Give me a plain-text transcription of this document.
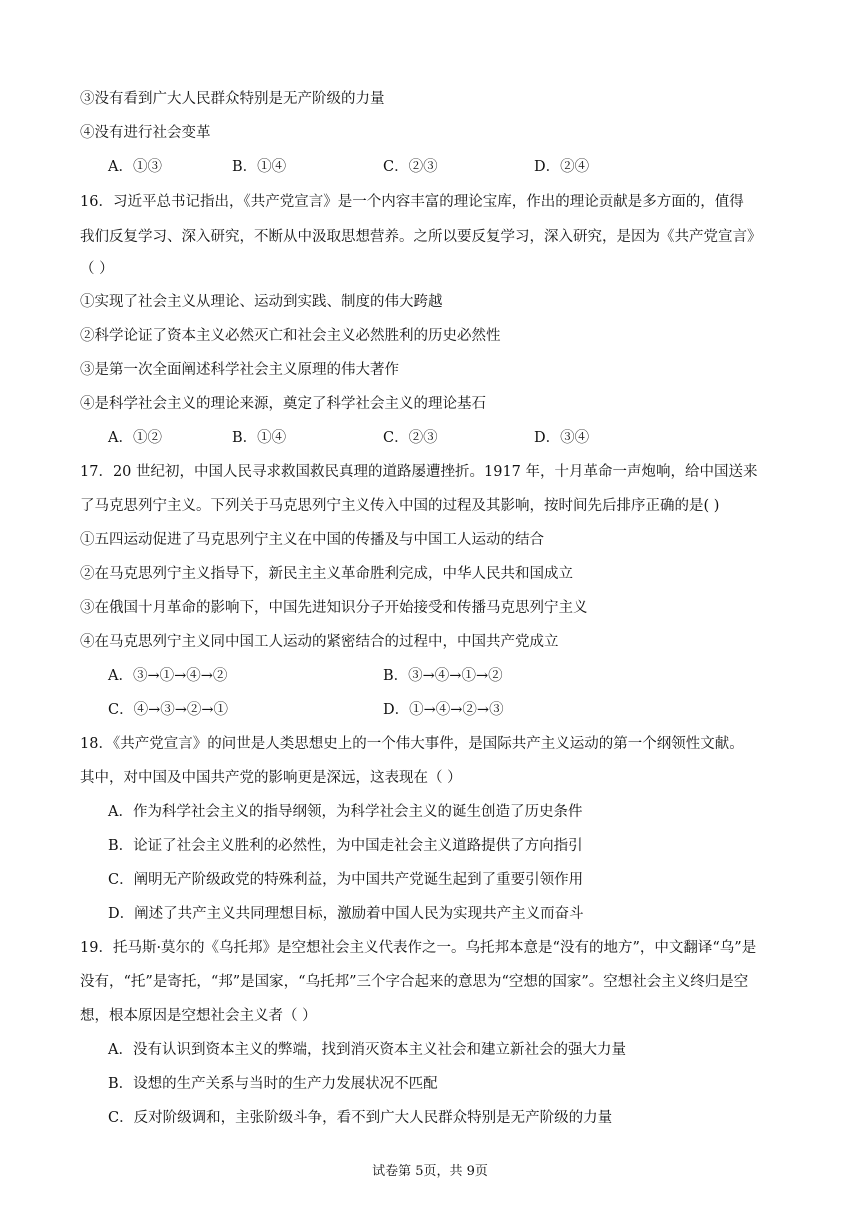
③没有看到广大人民群众特别是无产阶级的力量
④没有进行社会变革
A．①③	B．①④	C．②③	D．②④
16．习近平总书记指出，《共产党宣言》是一个内容丰富的理论宝库，作出的理论贡献是多方面的，值得
我们反复学习、深入研究，不断从中汲取思想营养。之所以要反复学习，深入研究，是因为《共产党宣言》
（ ）
①实现了社会主义从理论、运动到实践、制度的伟大跨越
②科学论证了资本主义必然灭亡和社会主义必然胜利的历史必然性
③是第一次全面阐述科学社会主义原理的伟大著作
④是科学社会主义的理论来源，奠定了科学社会主义的理论基石
A．①②	B．①④	C．②③	D．③④
17．20 世纪初，中国人民寻求救国救民真理的道路屡遭挫折。1917 年，十月革命一声炮响，给中国送来
了马克思列宁主义。下列关于马克思列宁主义传入中国的过程及其影响，按时间先后排序正确的是( )
①五四运动促进了马克思列宁主义在中国的传播及与中国工人运动的结合
②在马克思列宁主义指导下，新民主主义革命胜利完成，中华人民共和国成立
③在俄国十月革命的影响下，中国先进知识分子开始接受和传播马克思列宁主义
④在马克思列宁主义同中国工人运动的紧密结合的过程中，中国共产党成立
A．③→①→④→②	B．③→④→①→②
C．④→③→②→①	D．①→④→②→③
18．《共产党宣言》的问世是人类思想史上的一个伟大事件，是国际共产主义运动的第一个纲领性文献。
其中，对中国及中国共产党的影响更是深远，这表现在（ ）
A．作为科学社会主义的指导纲领，为科学社会主义的诞生创造了历史条件
B．论证了社会主义胜利的必然性，为中国走社会主义道路提供了方向指引
C．阐明无产阶级政党的特殊利益，为中国共产党诞生起到了重要引领作用
D．阐述了共产主义共同理想目标，激励着中国人民为实现共产主义而奋斗
19．托马斯·莫尔的《乌托邦》是空想社会主义代表作之一。乌托邦本意是“没有的地方”，中文翻译“乌”是
没有，“托”是寄托，“邦”是国家，“乌托邦”三个字合起来的意思为“空想的国家”。空想社会主义终归是空
想，根本原因是空想社会主义者（ ）
A．没有认识到资本主义的弊端，找到消灭资本主义社会和建立新社会的强大力量
B．设想的生产关系与当时的生产力发展状况不匹配
C．反对阶级调和，主张阶级斗争，看不到广大人民群众特别是无产阶级的力量
试卷第 5页，共 9页
